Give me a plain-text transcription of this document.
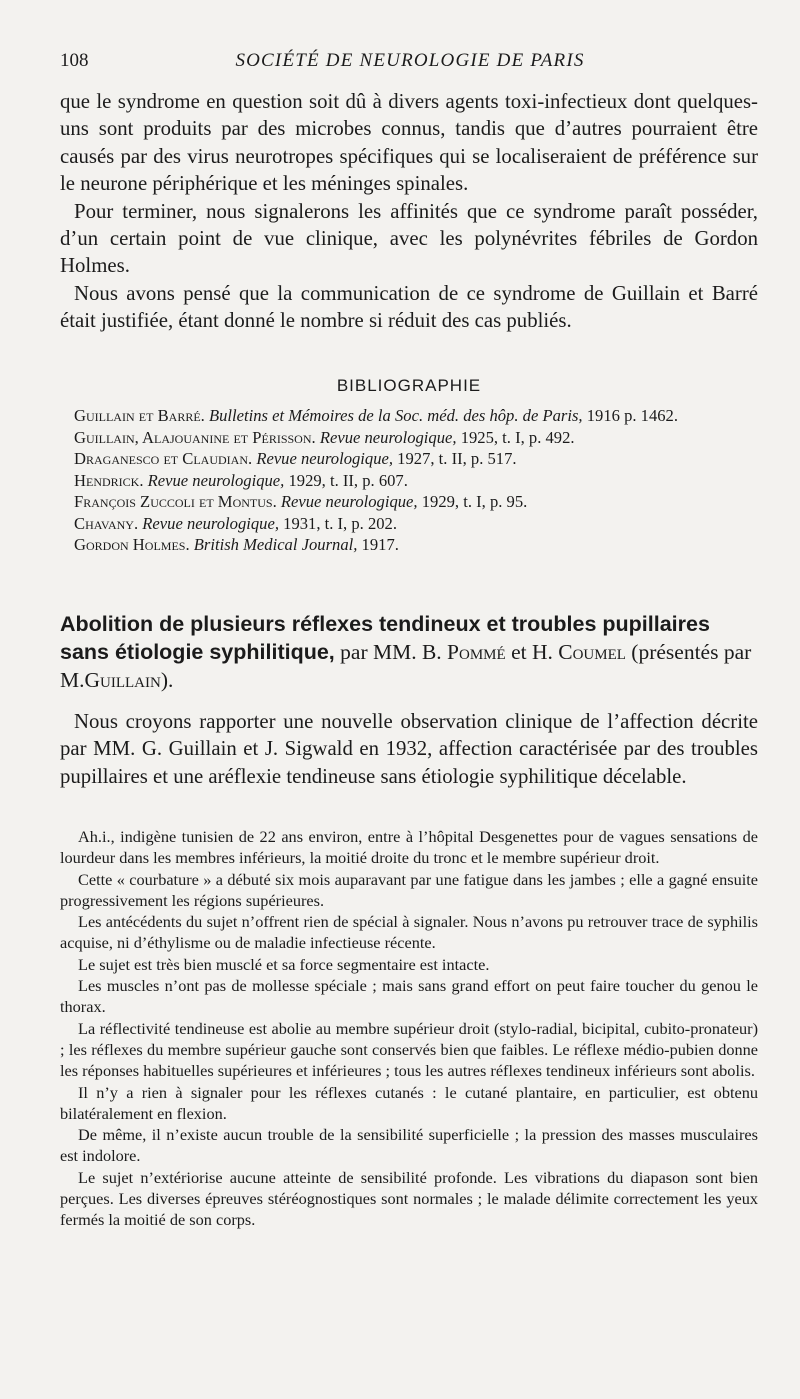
108	SOCIÉTÉ DE NEUROLOGIE DE PARIS

que le syndrome en question soit dû à divers agents toxi-infectieux dont quelques-uns sont produits par des microbes connus, tandis que d’autres pourraient être causés par des virus neurotropes spécifiques qui se localiseraient de préférence sur le neurone périphérique et les méninges spinales.

Pour terminer, nous signalerons les affinités que ce syndrome paraît posséder, d’un certain point de vue clinique, avec les polynévrites fébriles de Gordon Holmes.

Nous avons pensé que la communication de ce syndrome de Guillain et Barré était justifiée, étant donné le nombre si réduit des cas publiés.

BIBLIOGRAPHIE

Guillain et Barré. Bulletins et Mémoires de la Soc. méd. des hôp. de Paris, 1916 p. 1462.

Guillain, Alajouanine et Périsson. Revue neurologique, 1925, t. I, p. 492.

Draganesco et Claudian. Revue neurologique, 1927, t. II, p. 517.

Hendrick. Revue neurologique, 1929, t. II, p. 607.

François Zuccoli et Montus. Revue neurologique, 1929, t. I, p. 95.

Chavany. Revue neurologique, 1931, t. I, p. 202.

Gordon Holmes. British Medical Journal, 1917.

Abolition de plusieurs réflexes tendineux et troubles pupillaires sans étiologie syphilitique, par MM. B. Pommé et H. Coumel (présentés par M.Guillain).

Nous croyons rapporter une nouvelle observation clinique de l’affection décrite par MM. G. Guillain et J. Sigwald en 1932, affection caractérisée par des troubles pupillaires et une aréflexie tendineuse sans étiologie syphilitique décelable.

Ah.i., indigène tunisien de 22 ans environ, entre à l’hôpital Desgenettes pour de vagues sensations de lourdeur dans les membres inférieurs, la moitié droite du tronc et le membre supérieur droit.

Cette « courbature » a débuté six mois auparavant par une fatigue dans les jambes ; elle a gagné ensuite progressivement les régions supérieures.

Les antécédents du sujet n’offrent rien de spécial à signaler. Nous n’avons pu retrouver trace de syphilis acquise, ni d’éthylisme ou de maladie infectieuse récente.

Le sujet est très bien musclé et sa force segmentaire est intacte.

Les muscles n’ont pas de mollesse spéciale ; mais sans grand effort on peut faire toucher du genou le thorax.

La réflectivité tendineuse est abolie au membre supérieur droit (stylo-radial, bicipital, cubito-pronateur) ; les réflexes du membre supérieur gauche sont conservés bien que faibles. Le réflexe médio-pubien donne les réponses habituelles supérieures et inférieures ; tous les autres réflexes tendineux inférieurs sont abolis.

Il n’y a rien à signaler pour les réflexes cutanés : le cutané plantaire, en particulier, est obtenu bilatéralement en flexion.

De même, il n’existe aucun trouble de la sensibilité superficielle ; la pression des masses musculaires est indolore.

Le sujet n’extériorise aucune atteinte de sensibilité profonde. Les vibrations du diapason sont bien perçues. Les diverses épreuves stéréognostiques sont normales ; le malade délimite correctement les yeux fermés la moitié de son corps.
